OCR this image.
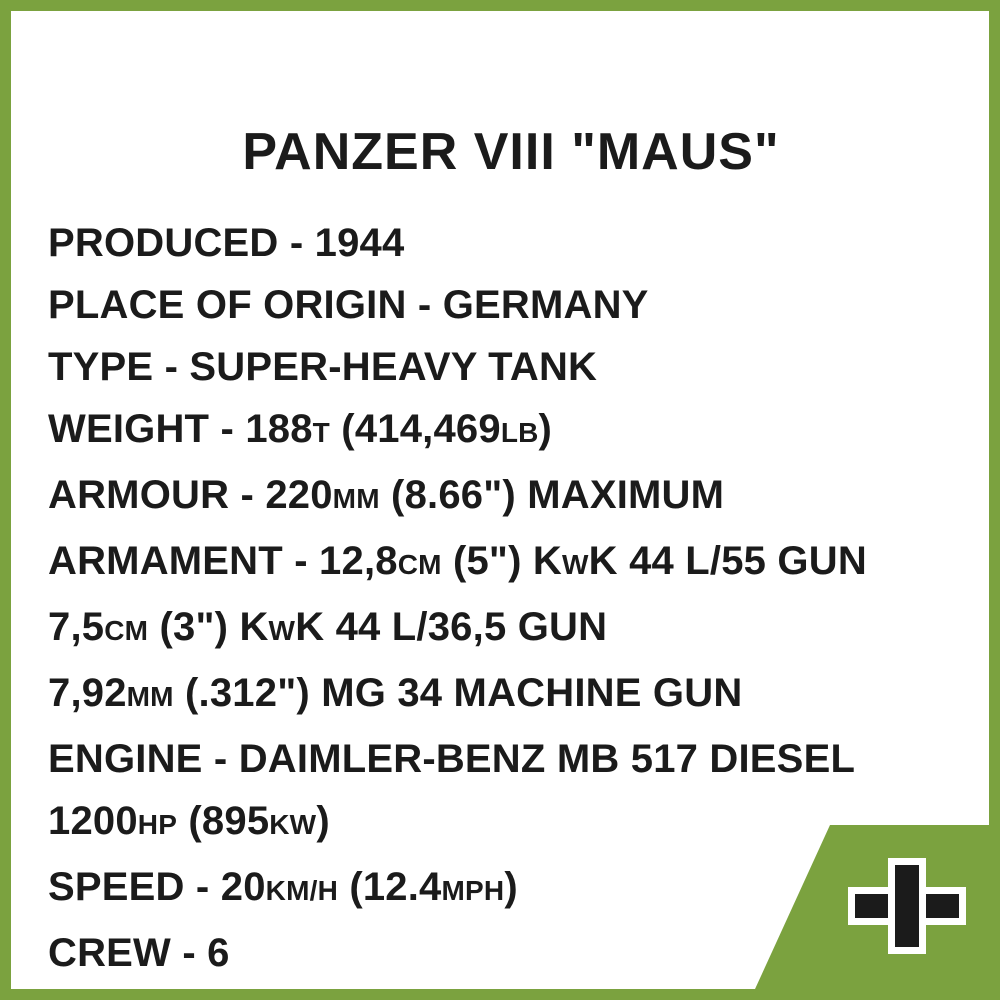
PANZER VIII "MAUS"
PRODUCED - 1944
PLACE OF ORIGIN - GERMANY
TYPE - SUPER-HEAVY TANK
WEIGHT - 188T (414,469LB)
ARMOUR - 220MM (8.66") MAXIMUM
ARMAMENT - 12,8CM (5") KWK 44 L/55 GUN
7,5CM (3") KWK 44 L/36,5 GUN
7,92MM (.312") MG 34 MACHINE GUN
ENGINE - DAIMLER-BENZ MB 517 DIESEL
1200HP (895KW)
SPEED - 20KM/H (12.4MPH)
CREW - 6
